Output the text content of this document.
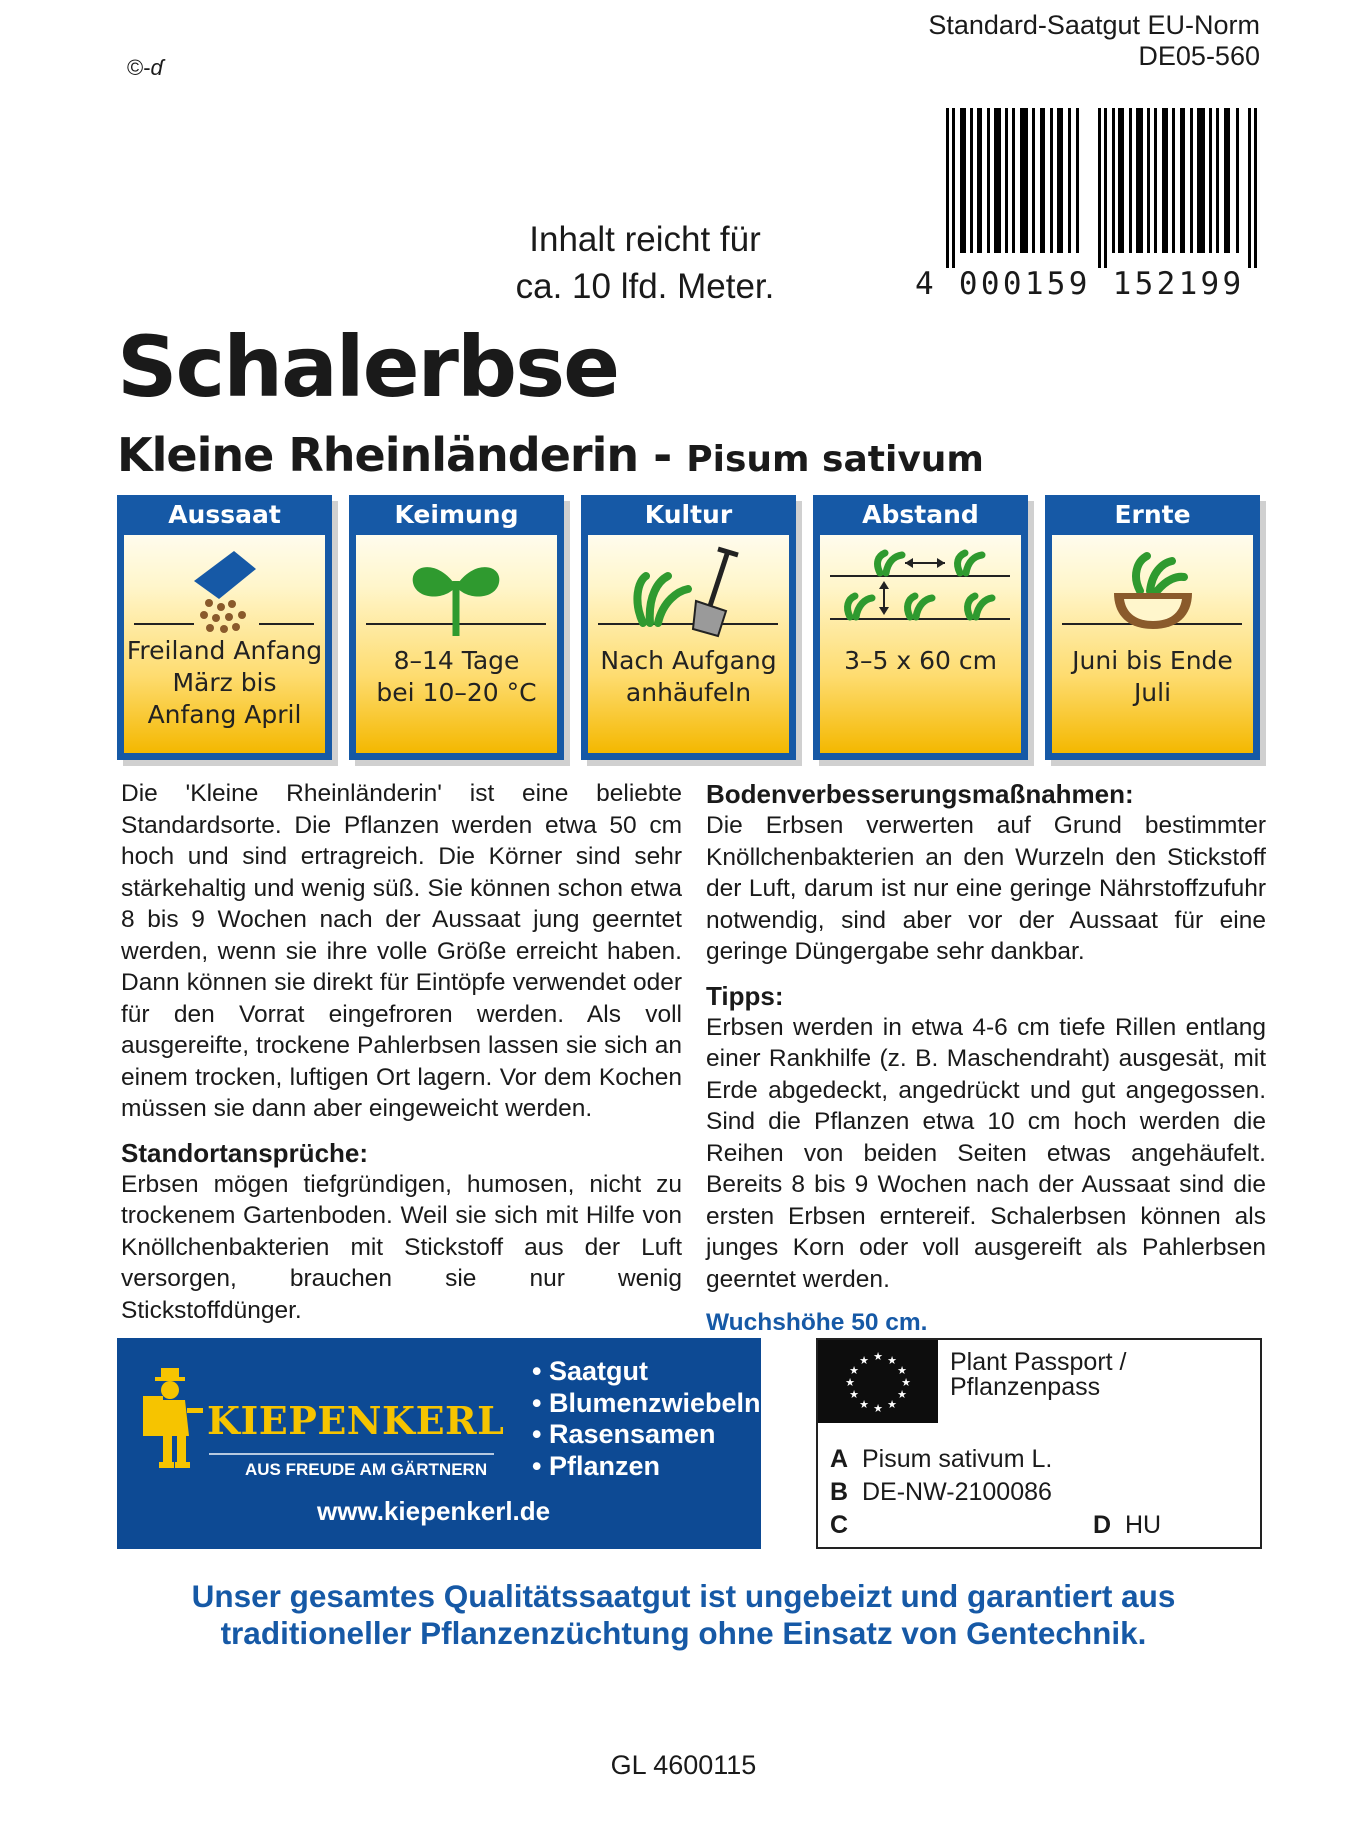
©-ɗ
Standard-Saatgut EU-Norm
DE05-560
4 000159 152199
Inhalt reicht für
ca. 10 lfd. Meter.
Schalerbse
Kleine Rheinländerin - Pisum sativum
Aussaat
Freiland Anfang
März bis
Anfang April
Keimung
8–14 Tage
bei 10–20 °C
Kultur
Nach Aufgang
anhäufeln
Abstand
3–5 x 60 cm
Ernte
Juni bis Ende
Juli

Die 'Kleine Rheinländerin' ist eine beliebte Standardsorte. Die Pflanzen werden etwa 50 cm hoch und sind ertragreich. Die Körner sind sehr stärkehaltig und wenig süß. Sie können schon etwa 8 bis 9 Wochen nach der Aussaat jung geerntet werden, wenn sie ihre volle Größe erreicht haben. Dann können sie direkt für Eintöpfe verwendet oder für den Vorrat eingefroren werden. Als voll ausgereifte, trockene Pahlerbsen lassen sie sich an einem trocken, luftigen Ort lagern. Vor dem Kochen müssen sie dann aber eingeweicht werden.

Standortansprüche:

Erbsen mögen tiefgründigen, humosen, nicht zu trockenem Gartenboden. Weil sie sich mit Hilfe von Knöllchenbakterien mit Stickstoff aus der Luft versorgen, brauchen sie nur wenig Stickstoffdünger.

Bodenverbesserungsmaßnahmen:

Die Erbsen verwerten auf Grund bestimmter Knöllchenbakterien an den Wurzeln den Stickstoff der Luft, darum ist nur eine geringe Nährstoffzufuhr notwendig, sind aber vor der Aussaat für eine geringe Düngergabe sehr dankbar.

Tipps:

Erbsen werden in etwa 4-6 cm tiefe Rillen entlang einer Rankhilfe (z. B. Maschendraht) ausgesät, mit Erde abgedeckt, angedrückt und gut angegossen. Sind die Pflanzen etwa 10 cm hoch werden die Reihen von beiden Seiten etwas angehäufelt. Bereits 8 bis 9 Wochen nach der Aussaat sind die ersten Erbsen erntereif. Schalerbsen können als junges Korn oder voll ausgereift als Pahlerbsen geerntet werden.

Wuchshöhe 50 cm.
KIEPENKERL
AUS FREUDE AM GÄRTNERN
• Saatgut
• Blumenzwiebeln
• Rasensamen
• Pflanzen
www.kiepenkerl.de
★ ★
★
★
★
★
★
★
★
★
★
★	Plant Passport /
Pflanzenpass
A Pisum sativum L.
B DE-NW-2100086
C	D HU
Unser gesamtes Qualitätssaatgut ist ungebeizt und garantiert aus
traditioneller Pflanzenzüchtung ohne Einsatz von Gentechnik.
GL 4600115
